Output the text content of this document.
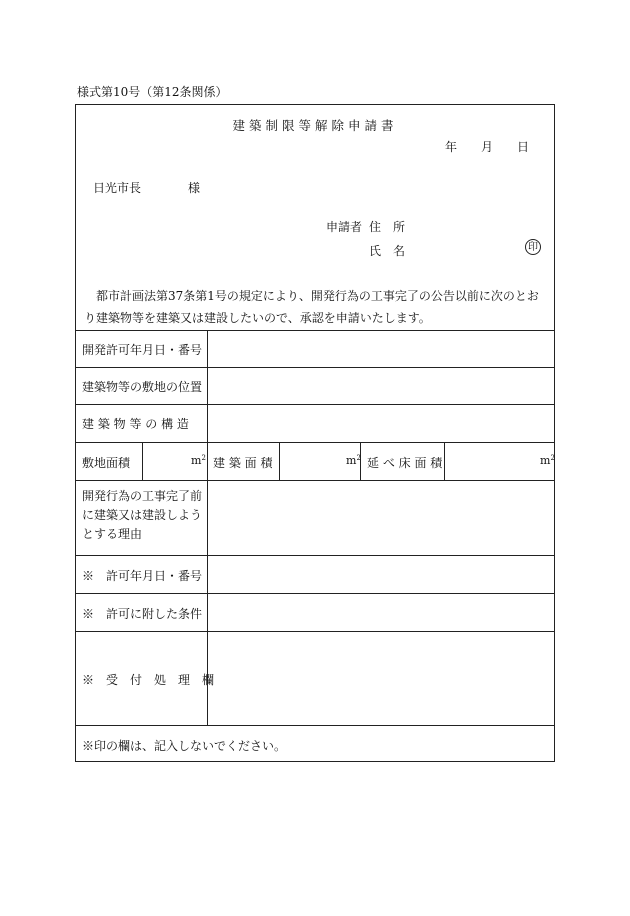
様式第10号（第12条関係）
建築制限等解除申請書
年 月 日
日光市長	様
申請者 住　所
氏　名	印
都市計画法第37条第1号の規定により、開発行為の工事完了の公告以前に次のとおり建築物等を建築又は建設したいので、承認を申請いたします。
開発許可年月日・番号
建築物等の敷地の位置
建 築 物 等 の 構 造
敷地面積	$m^2$ 建 築 面 積	$m^2$ 延 べ 床 面 積	$m^2$
開発行為の工事完了前に建築又は建設しようとする理由
※　許可年月日・番号
※　許可に附した条件
※　受　付　処　理　欄
※印の欄は、記入しないでください。
